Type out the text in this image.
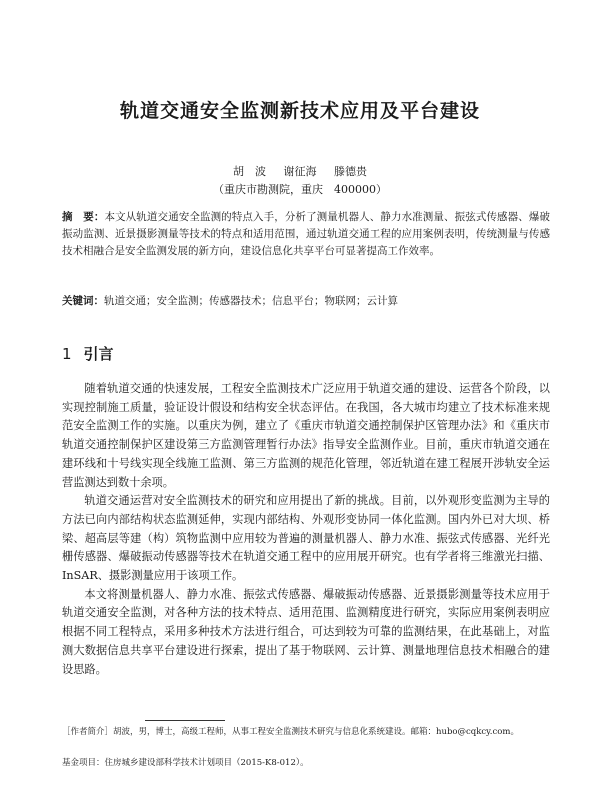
轨道交通安全监测新技术应用及平台建设
胡　波 谢征海 滕德贵
（重庆市勘测院，重庆　400000）
摘　要：本文从轨道交通安全监测的特点入手，分析了测量机器人、静力水准测量、振弦式传感器、爆破振动监测、近景摄影测量等技术的特点和适用范围，通过轨道交通工程的应用案例表明，传统测量与传感技术相融合是安全监测发展的新方向，建设信息化共享平台可显著提高工作效率。
关键词：轨道交通；安全监测；传感器技术；信息平台；物联网；云计算
1 引言

随着轨道交通的快速发展，工程安全监测技术广泛应用于轨道交通的建设、运营各个阶段，以实现控制施工质量，验证设计假设和结构安全状态评估。在我国，各大城市均建立了技术标准来规范安全监测工作的实施。以重庆为例，建立了《重庆市轨道交通控制保护区管理办法》和《重庆市轨道交通控制保护区建设第三方监测管理暂行办法》指导安全监测作业。目前，重庆市轨道交通在建环线和十号线实现全线施工监测、第三方监测的规范化管理，邻近轨道在建工程展开涉轨安全运营监测达到数十余项。

轨道交通运营对安全监测技术的研究和应用提出了新的挑战。目前，以外观形变监测为主导的方法已向内部结构状态监测延伸，实现内部结构、外观形变协同一体化监测。国内外已对大坝、桥梁、超高层等建（构）筑物监测中应用较为普遍的测量机器人、静力水准、振弦式传感器、光纤光栅传感器、爆破振动传感器等技术在轨道交通工程中的应用展开研究。也有学者将三维激光扫描、InSAR、摄影测量应用于该项工作。

本文将测量机器人、静力水准、振弦式传感器、爆破振动传感器、近景摄影测量等技术应用于轨道交通安全监测，对各种方法的技术特点、适用范围、监测精度进行研究，实际应用案例表明应根据不同工程特点，采用多种技术方法进行组合，可达到较为可靠的监测结果，在此基础上，对监测大数据信息共享平台建设进行探索，提出了基于物联网、云计算、测量地理信息技术相融合的建设思路。

［作者简介］胡波，男，博士，高级工程师，从事工程安全监测技术研究与信息化系统建设。邮箱：hubo@cqkcy.com。
基金项目：住房城乡建设部科学技术计划项目（2015-K8-012）。
